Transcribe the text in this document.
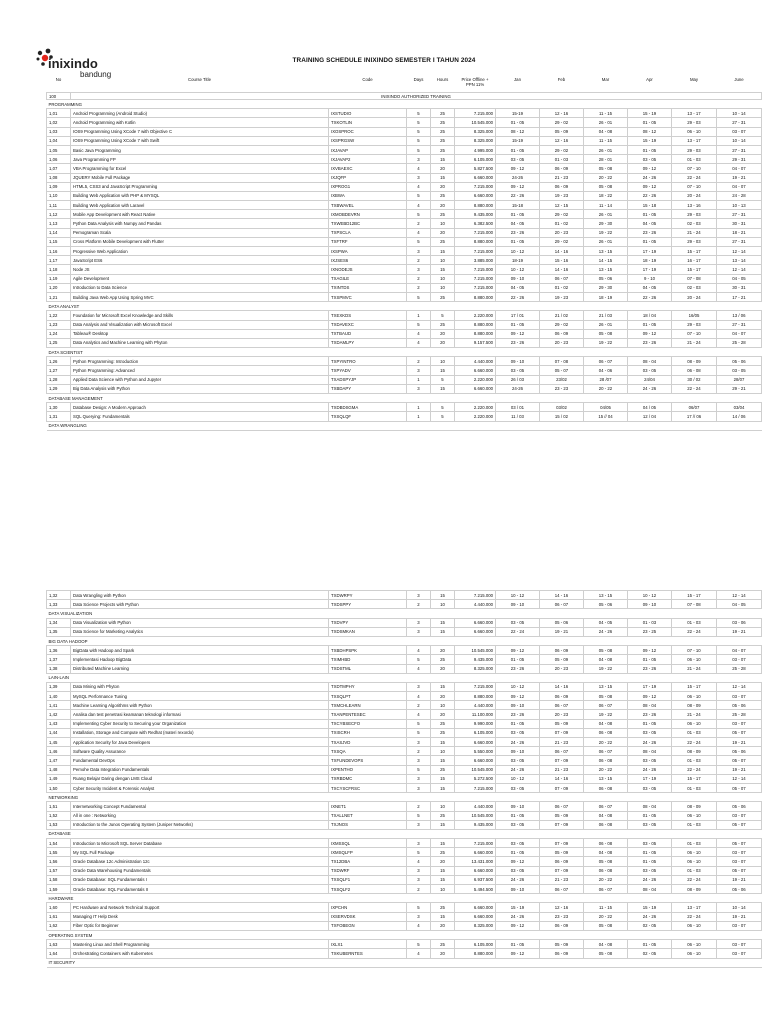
inixindo
bandung
TRAINING SCHEDULE INIXINDO SEMESTER I TAHUN 2024
No	Course Title	Code	Days	Hours	Price Offline +
PPN 11%	Jan	Feb	Mar	Apr	May	June
100	INIXINDO AUTHORIZED TRAINING										
PROGRAMMING											
1,01	Android Programming (Android Studio)	IXSTUDIO	5	25	7.215.000	15-19	12 - 16	11 - 15	15 - 19	13 - 17	10 - 14
1,02	Android Programming with Kotlin	TXKOTLIN	5	25	10.545.000	01 - 05	29 - 02	26 - 01	01 - 05	29 - 03	27 - 31
1,03	IOS9 Programming Using XCode 7 with Objective C	IXOSPROC	5	25	8.325.000	08 - 12	05 - 09	04 - 08	08 - 12	06 - 10	03 - 07
1,04	IOS9 Programming Using XCode 7 with Swift	IXSPRGSW	5	25	8.325.000	15-19	12 - 16	11 - 15	15 - 19	13 - 17	10 - 14
1,05	Basic Java Programming	IXJAVAP	5	25	4.995.000	01 - 05	29 - 02	26 - 01	01 - 05	29 - 03	27 - 31
1,06	Java Programming FP	IXJAVAP2	3	15	6.105.000	03 - 05	01 - 03	28 - 01	03 - 05	01 - 03	29 - 31
1,07	VBA Programming for Excel	IXVBAEXC	4	20	5.827.500	09 - 12	06 - 09	05 - 08	09 - 12	07 - 10	04 - 07
1,08	JQUERY Mobile Full Package	IXJQFP	3	15	6.660.000	24-26	21 - 23	20 - 22	24 - 26	22 - 24	19 - 21
1,09	HTML5, CSS3 and JavaScript Programming	IXPROG1	4	20	7.215.000	09 - 12	06 - 09	05 - 08	09 - 12	07 - 10	04 - 07
1,10	Building Web Application with PHP & MYSQL	IXBWA	5	25	6.660.000	22 - 26	19 - 23	18 - 22	22 - 26	20 - 24	24 - 28
1,11	Building Web Application with Laravel	TXBWAVEL	4	20	8.880.000	15-18	12 - 15	11 - 14	15 - 18	13 - 16	10 - 13
1,12	Mobile App Development with React Native	IXMOBDEVRN	5	25	9.435.000	01 - 05	29 - 02	26 - 01	01 - 05	29 - 03	27 - 31
1,13	Python Data Analysis with Numpy and Pandas	TXWEBD12BC	2	10	6.382.500	04 - 05	01 - 02	29 - 30	04 - 05	02 - 03	30 - 31
1,14	Pemograman Scala	TXPSCLA	4	20	7.215.000	23 - 26	20 - 23	19 - 22	23 - 26	21 - 24	18 - 21
1,15	Cross Platform Mobile Development with Flutter	TXFTRF	5	25	8.880.000	01 - 05	29 - 02	26 - 01	01 - 05	29 - 03	27 - 31
1,16	Progressive Web Application	IXSPWA	3	15	7.215.000	10 - 12	14 - 16	13 - 15	17 - 19	15 - 17	12 - 14
1,17	JavaScript ES6	IXJSES6	2	10	3.885.000	18-19	15 - 16	14 - 15	18 - 19	16 - 17	13 - 14
1,18	Node JS	IXNODEJS	3	15	7.215.000	10 - 12	14 - 16	13 - 15	17 - 19	15 - 17	12 - 14
1,19	Agile Development	TXAGILE	2	10	7.215.000	09 - 10	06 - 07	05 - 06	9 - 10	07 - 08	04 - 05
1,20	Introduction to Data Science	TXINTDS	2	10	7.215.000	04 - 05	01 - 02	29 - 30	04 - 05	02 - 03	30 - 31
1,21	Building Java Web App Using Spring MVC	TXSPMVC	5	25	8.880.000	22 - 26	19 - 23	18 - 19	22 - 26	20 - 24	17 - 21
DATA ANALYST											
1,22	Foundation for Microsoft Excel Knowledge and Skills	TXEXKDS	1	5	2.220.000	17 / 01	21 / 02	21 / 03	18 / 04	16/05	13 / 06
1,23	Data Analysis and Visualization with Microsoft Excel	TXDAVEXC	5	25	8.880.000	01 - 05	29 - 02	26 - 01	01 - 05	29 - 03	27 - 31
1,24	Tableau® Desktop	TXTBAUD	4	20	8.880.000	09 - 12	06 - 09	05 - 08	09 - 12	07 - 10	04 - 07
1,25	Data Analytics and Machine Learning with Phyton	TXDAMLPY	4	20	9.157.500	23 - 26	20 - 23	19 - 22	23 - 26	21 - 24	25 - 28
DATA SCIENTIST											
1,26	Python Programming: Introduction	TXPYINTRO	2	10	4.440.000	09 - 10	07 - 08	06 - 07	08 - 04	08 - 09	05 - 06
1,27	Python Programming: Advanced	TXPYADV	3	15	6.660.000	03 - 05	05 - 07	04 - 06	03 - 05	06 - 08	03 - 05
1,28	Applied Data Science with Python and Jupyter	TXADSPYJP	1	5	2.220.000	26 / 03	23/02	28 /07	24/04	30 / 02	28/07
1,29	Big Data Analysis with Python	TXBDAPY	3	15	6.660.000	24-26	23 - 23	20 - 22	24 - 26	22 - 24	29 - 21
DATABASE MANAGEMENT											
1,30	Database Design: A Modern Approach	TXDBDSGMA	1	5	2.220.000	03 / 01	03/02	04/05	04 / 05	06/07	03/04
1,31	SQL Querying: Fundamentals	TXSQLQF	1	5	2.220.000	11 / 03	15 / 02	15 // 04	12 / 04	17 // 06	14 / 06
DATA WRANGLING											
1,32	Data Wrangling with Python	TXDWRPY	3	15	7.215.000	10 - 12	14 - 16	13 - 15	10 - 12	15 - 17	12 - 14
1,33	Data Science Projects with Python	TXDSPPY	2	10	4.440.000	09 - 10	06 - 07	05 - 06	09 - 10	07 - 08	04 - 05
DATA VISUALIZATION											
1,34	Data Visualization with Python	TXDVPY	3	15	6.660.000	03 - 05	05 - 06	04 - 05	01 - 03	01 - 03	03 - 06
1,35	Data Science for Marketing Analytics	TXDSMKAN	3	15	6.660.000	22 - 24	19 - 21	24 - 26	23 - 25	22 - 24	19 - 21
BIG DATA HADOOP											
1,36	BigData with Hadoop and Spark	TXBDHPSPK	4	20	10.545.000	09 - 12	06 - 09	05 - 08	09 - 12	07 - 10	04 - 07
1,37	Implementasi Hadoop BigData	TXIMHBD	5	25	9.435.000	01 - 05	05 - 09	04 - 08	01 - 05	06 - 10	03 - 07
1,38	Distributed Machine Learning	TXDSTML	4	20	8.325.000	23 - 26	20 - 23	19 - 22	23 - 26	21 - 24	25 - 28
LAIN-LAIN											
1,39	Data Mining with Phyton	TXDTMPHY	3	15	7.215.000	10 - 12	14 - 16	13 - 15	17 - 19	15 - 17	12 - 14
1,40	MySQL Performance Tuning	TXSQLPT	4	20	8.880.000	09 - 12	06 - 09	05 - 08	09 - 12	06 - 10	03 - 07
1,41	Machine Learning Algorithms with Python	TXMCHLEARN	2	10	4.440.000	09 - 10	06 - 07	06 - 07	08 - 04	08 - 09	05 - 06
1,42	Analisa dan test penetrasi keamanan teknologi informasi	TXANPENTESEC	4	20	11.100.000	23 - 26	20 - 23	19 - 22	23 - 26	21 - 24	25 - 28
1,43	Implementing Cyber Security to Securing your Organization	TXCYBSECFO	5	25	9.990.000	01 - 05	05 - 09	04 - 08	01 - 05	06 - 10	03 - 07
1,44	Installation, Storage and Compute with Redhat (materi rexordo)	TXISCRH	5	25	6.105.000	03 - 05	07 - 09	06 - 08	03 - 05	01 - 03	05 - 07
1,45	Application Security for Java Developers	TXASJVD	3	15	6.660.000	24 - 26	21 - 23	20 - 22	24 - 26	22 - 24	19 - 21
1,46	Software Quality Assurance	TXSQA	2	10	5.550.000	09 - 10	06 - 07	06 - 07	08 - 04	08 - 09	05 - 06
1,47	Fundamental DevOps	TXFUNDEVOPS	3	15	6.660.000	03 - 05	07 - 09	06 - 08	03 - 05	01 - 03	05 - 07
1,48	Pemohe Data Integration Fundamentals	IXPENTHO	5	25	10.545.000	24 - 26	21 - 23	20 - 22	24 - 26	22 - 24	19 - 21
1,49	Ruang Belajar Daring dengan LMS Cloud	TXRBDMC	3	15	5.272.500	10 - 12	14 - 16	13 - 15	17 - 19	15 - 17	12 - 14
1,50	Cyber Security Incident & Forensic Analyst	TXCYSCFRSC	3	15	7.215.000	03 - 05	07 - 09	06 - 08	03 - 05	01 - 03	05 - 07
NETWORKING											
1,51	Internetworking Concept Fundamental	IXNET1	2	10	4.440.000	09 - 10	06 - 07	06 - 07	08 - 04	08 - 09	05 - 06
1,52	All in one : Networking	TXALLNET	5	25	10.545.000	01 - 05	05 - 09	04 - 08	01 - 05	06 - 10	03 - 07
1,53	Introduction to the Junos Operating System (Juniper Networks)	TXJNOS	3	15	9.435.000	03 - 05	07 - 09	06 - 08	03 - 05	01 - 03	05 - 07
DATABASE											
1,54	Introduction to Microsoft SQL Server Database	IXMSSQL	3	15	7.215.000	03 - 05	07 - 09	06 - 08	03 - 05	01 - 03	05 - 07
1,55	My SQL Full Package	IXMSQLFP	5	25	6.660.000	01 - 05	05 - 09	04 - 08	01 - 05	06 - 10	03 - 07
1,56	Oracle Database 12c Administration 12c	TX12DBA	4	20	13.431.000	09 - 12	06 - 09	05 - 08	01 - 05	06 - 10	03 - 07
1,57	Oracle Data Warehousing Fundamentals	TXDWRF	3	15	6.660.000	03 - 05	07 - 09	06 - 08	03 - 05	01 - 03	05 - 07
1,58	Oracle Database: SQL Fundamentals I	TXSQLF1	3	15	6.937.500	24 - 26	21 - 23	20 - 22	24 - 26	22 - 24	19 - 21
1,59	Oracle Database: SQL Fundamentals II	TXSQLF2	2	10	5.494.500	09 - 10	06 - 07	06 - 07	08 - 04	08 - 09	05 - 06
HARDWARE											
1,60	PC Hardware and Network Technical Support	IXPCHN	5	25	6.660.000	15 - 19	12 - 16	11 - 15	15 - 19	13 - 17	10 - 14
1,61	Managing IT Help Desk	IXSERVDSK	3	15	6.660.000	24 - 26	23 - 23	20 - 22	24 - 26	22 - 24	19 - 21
1,62	Fiber Optic for Beginner	TXFOBEGN	4	20	8.325.000	09 - 12	06 - 09	05 - 08	02 - 05	06 - 10	03 - 07
OPERATING SYSTEM											
1,63	Mastering Linux and Shell Programming	IXLX1	5	25	6.105.000	01 - 05	05 - 09	04 - 08	01 - 05	06 - 10	03 - 07
1,64	Orchestrating Containers with Kubernetes	TXKUBERNTES	4	20	8.880.000	09 - 12	06 - 09	05 - 08	02 - 05	06 - 10	03 - 07
IT SECURITY											
